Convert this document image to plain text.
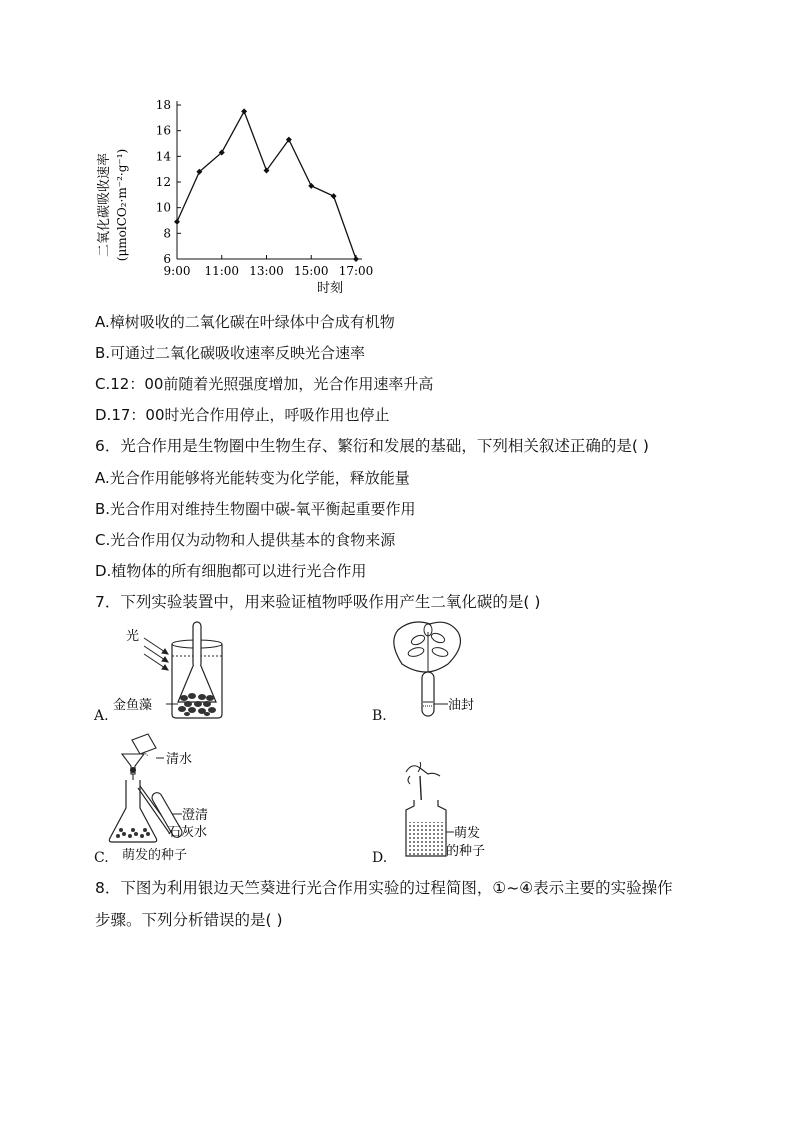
6
8
10
12
14
16
18
9:00 11:00 13:00 15:00 17:00
二氧化碳吸收速率 (μmolCO₂·m⁻²·g⁻¹)
时刻
A.樟树吸收的二氧化碳在叶绿体中合成有机物
B.可通过二氧化碳吸收速率反映光合速率
C.12：00前随着光照强度增加，光合作用速率升高
D.17：00时光合作用停止，呼吸作用也停止
6．光合作用是生物圈中生物生存、繁衍和发展的基础，下列相关叙述正确的是( )
A.光合作用能够将光能转变为化学能，释放能量
B.光合作用对维持生物圈中碳-氧平衡起重要作用
C.光合作用仅为动物和人提供基本的食物来源
D.植物体的所有细胞都可以进行光合作用
7．下列实验装置中，用来验证植物呼吸作用产生二氧化碳的是( )
光
金鱼藻
A.
油封
B.
清水
澄清
石灰水
萌发的种子
C.
萌发
的种子
D.
8．下图为利用银边天竺葵进行光合作用实验的过程简图，①~④表示主要的实验操作
步骤。下列分析错误的是( )
